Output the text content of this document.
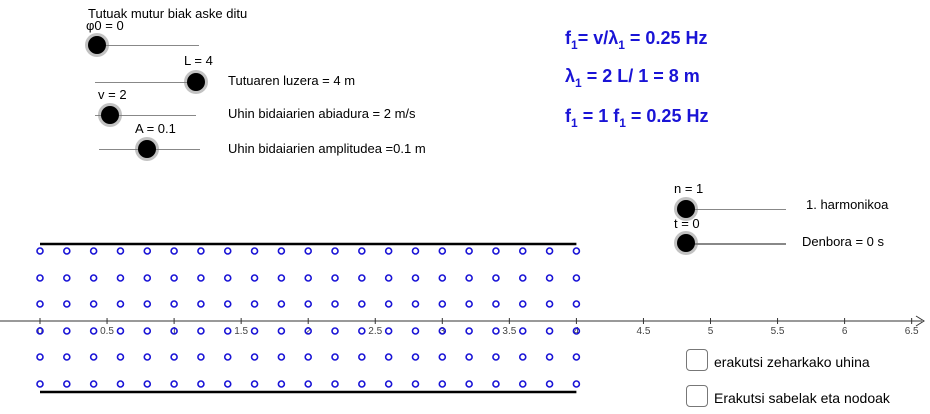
Tutuak mutur biak aske ditu
φ0 = 0
L = 4
Tutuaren luzera = 4 m
v = 2
Uhin bidaiarien abiadura = 2 m/s
A = 0.1
Uhin bidaiarien amplitudea =0.1 m
$f_1= v/\lambda_1 = 0.25$ Hz
$\lambda_1 = 2$ L/ 1 = 8 m
$f_1 = 1$ $f_1 = 0.25$ Hz
n = 1
1. harmonikoa
t = 0
Denbora = 0 s
0	0.5	1	1.5	2	2.5	3	3.5	4	4.5	5	5.5	6	6.5
erakutsi zeharkako uhina
Erakutsi sabelak eta nodoak
